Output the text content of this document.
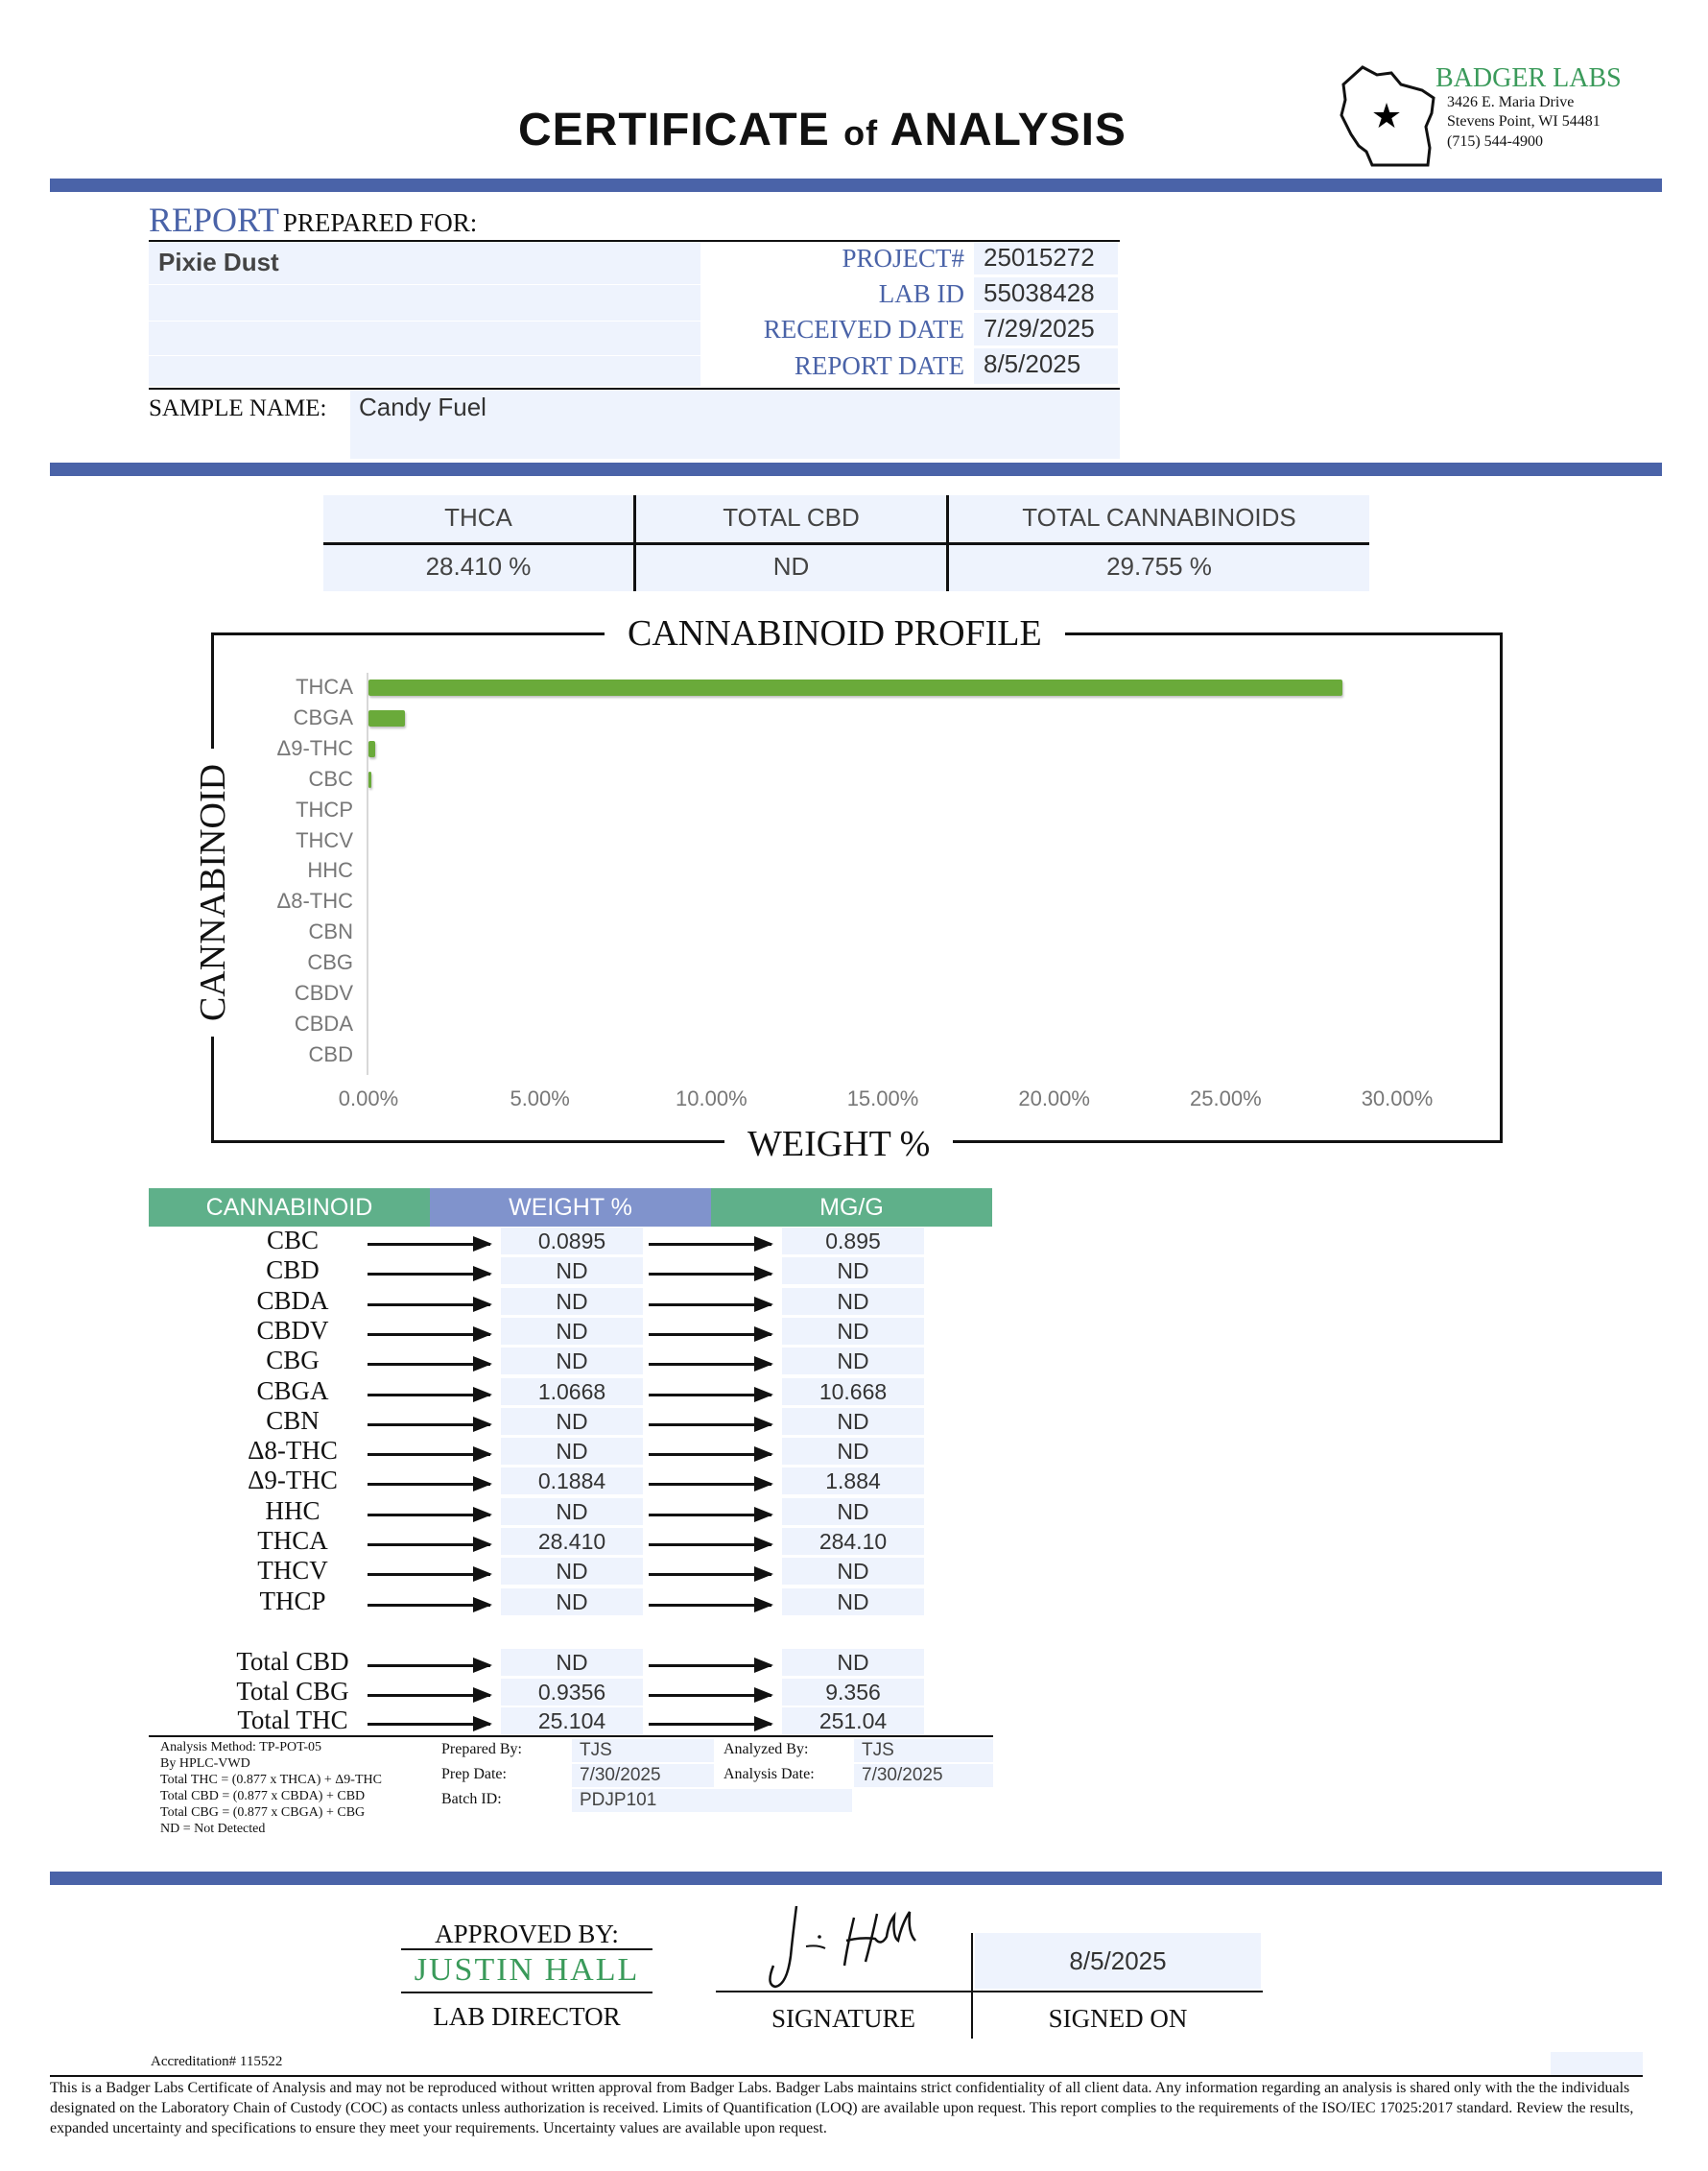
CERTIFICATE of ANALYSIS	★
BADGER LABS
3426 E. Maria Drive
Stevens Point, WI 54481
(715) 544-4900
REPORT PREPARED FOR:
Pixie Dust	PROJECT# 25015272
LAB ID 55038428
RECEIVED DATE 7/29/2025
REPORT DATE 8/5/2025
SAMPLE NAME: Candy Fuel
THCA	TOTAL CBD	TOTAL CANNABINOIDS
28.410 %	ND	29.755 %
CANNABINOID PROFILE
WEIGHT %
CANNABINOID
THCA
CBGA
Δ9-THC
CBC
THCP
THCV
HHC
Δ8-THC
CBN
CBG
CBDV
CBDA
CBD
0.00%	5.00%	10.00%	15.00%	20.00%	25.00%	30.00%
CANNABINOID	WEIGHT %	MG/G
CBC	0.0895	0.895
CBD	ND	ND
CBDA	ND	ND
CBDV	ND	ND
CBG	ND	ND
CBGA	1.0668	10.668
CBN	ND	ND
Δ8-THC	ND	ND
Δ9-THC	0.1884	1.884
HHC	ND	ND
THCA	28.410	284.10
THCV	ND	ND
THCP	ND	ND
Total CBD	ND	ND
Total CBG	0.9356	9.356
Total THC	25.104	251.04
Analysis Method: TP-POT-05
By HPLC-VWD
Total THC = (0.877 x THCA) + Δ9-THC
Total CBD = (0.877 x CBDA) + CBD
Total CBG = (0.877 x CBGA) + CBG
ND = Not Detected
Prepared By:	TJS
Prep Date:	7/30/2025
Batch ID:	PDJP101
Analyzed By:	TJS
Analysis Date:	7/30/2025
APPROVED BY:
JUSTIN HALL
LAB DIRECTOR
8/5/2025
SIGNATURE	SIGNED ON
Accreditation# 115522
This is a Badger Labs Certificate of Analysis and may not be reproduced without written approval from Badger Labs. Badger Labs maintains strict confidentiality of all client data. Any information regarding an analysis is shared only with the the individuals designated on the Laboratory Chain of Custody (COC) as contacts unless authorization is received. Limits of Quantification (LOQ) are available upon request. This report complies to the requirements of the ISO/IEC 17025:2017 standard. Review the results, expanded uncertainty and specifications to ensure they meet your requirements. Uncertainty values are available upon request.
